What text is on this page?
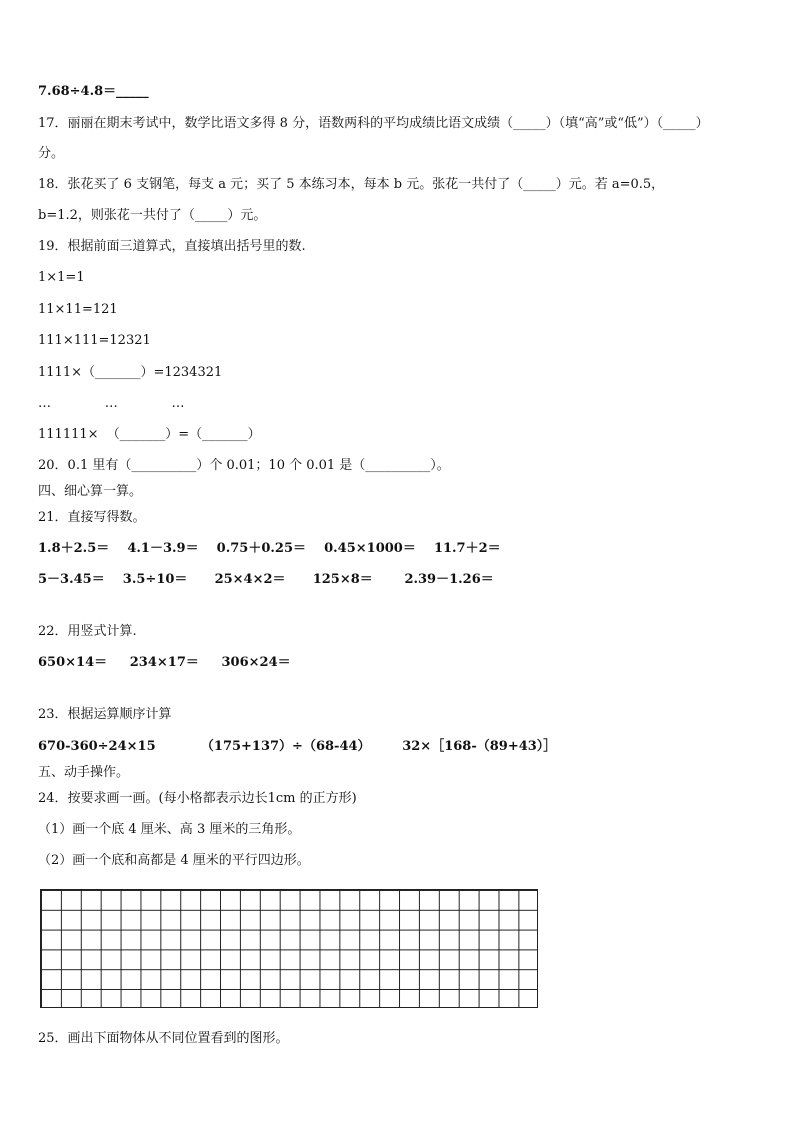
7.68÷4.8＝_____
17．丽丽在期末考试中，数学比语文多得 8 分，语数两科的平均成绩比语文成绩（_____）（填“高”或“低”）（_____）
分。
18．张花买了 6 支钢笔，每支 a 元；买了 5 本练习本，每本 b 元。张花一共付了（_____）元。若 a=0.5，
b=1.2，则张花一共付了（_____）元。
19．根据前面三道算式，直接填出括号里的数.
1×1=1
11×11=121
111×111=12321
1111×（_______）=1234321
…             …             …
111111×  （_______）=（_______）
20．0.1 里有（__________）个 0.01；10 个 0.01 是（__________）。
四、细心算一算。
21．直接写得数。
1.8＋2.5＝    4.1－3.9＝    0.75＋0.25＝    0.45×1000＝    11.7＋2＝
5－3.45＝    3.5÷10＝      25×4×2＝      125×8＝       2.39－1.26＝
22．用竖式计算.
650×14＝     234×17＝     306×24＝
23．根据运算顺序计算
670-360÷24×15          （175+137）÷（68-44）       32×［168-（89+43）］
五、动手操作。
24．按要求画一画。(每小格都表示边长1cm 的正方形)
（1）画一个底 4 厘米、高 3 厘米的三角形。
（2）画一个底和高都是 4 厘米的平行四边形。
25．画出下面物体从不同位置看到的图形。
